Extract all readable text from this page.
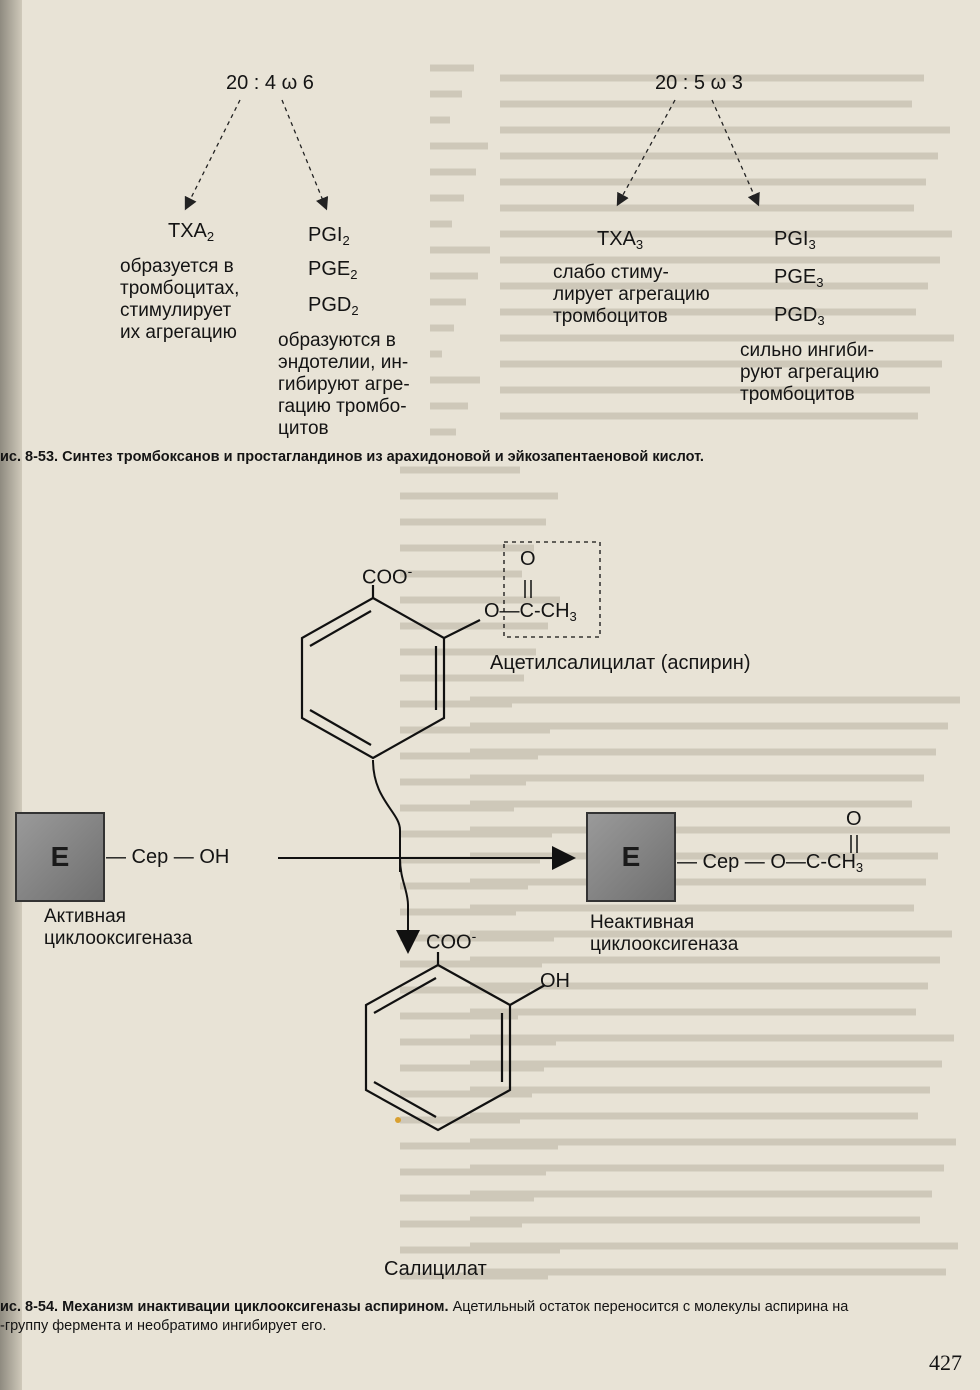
20 : 4 ω 6	20 : 5 ω 3
$TXA_2$
образуется в
тромбоцитах,
стимулирует
их агрегацию
$PGI_2$
$PGE_2$
$PGD_2$
образуются в
эндотелии, ин-
гибируют агре-
гацию тромбо-
цитов
$TXA_3$
слабо стиму-
лирует агрегацию
тромбоцитов
$PGI_3$
$PGE_3$
$PGD_3$
сильно ингиби-
руют агрегацию
тромбоцитов
ис. 8-53. Синтез тромбоксанов и простагландинов из арахидоновой и эйкозапентаеновой кислот.
COO-
O
$O—C-CH_3$
Ацетилсалицилат (аспирин)
E — Сер — OH
Активная
циклооксигеназа
E
O
— Сер — $O—C-CH_3$
Неактивная
циклооксигеназа
COO-
OH
Салицилат
ис. 8-54. Механизм инактивации циклооксигеназы аспирином. Ацетильный остаток переносится с молекулы аспирина на
-группу фермента и необратимо ингибирует его.
427
